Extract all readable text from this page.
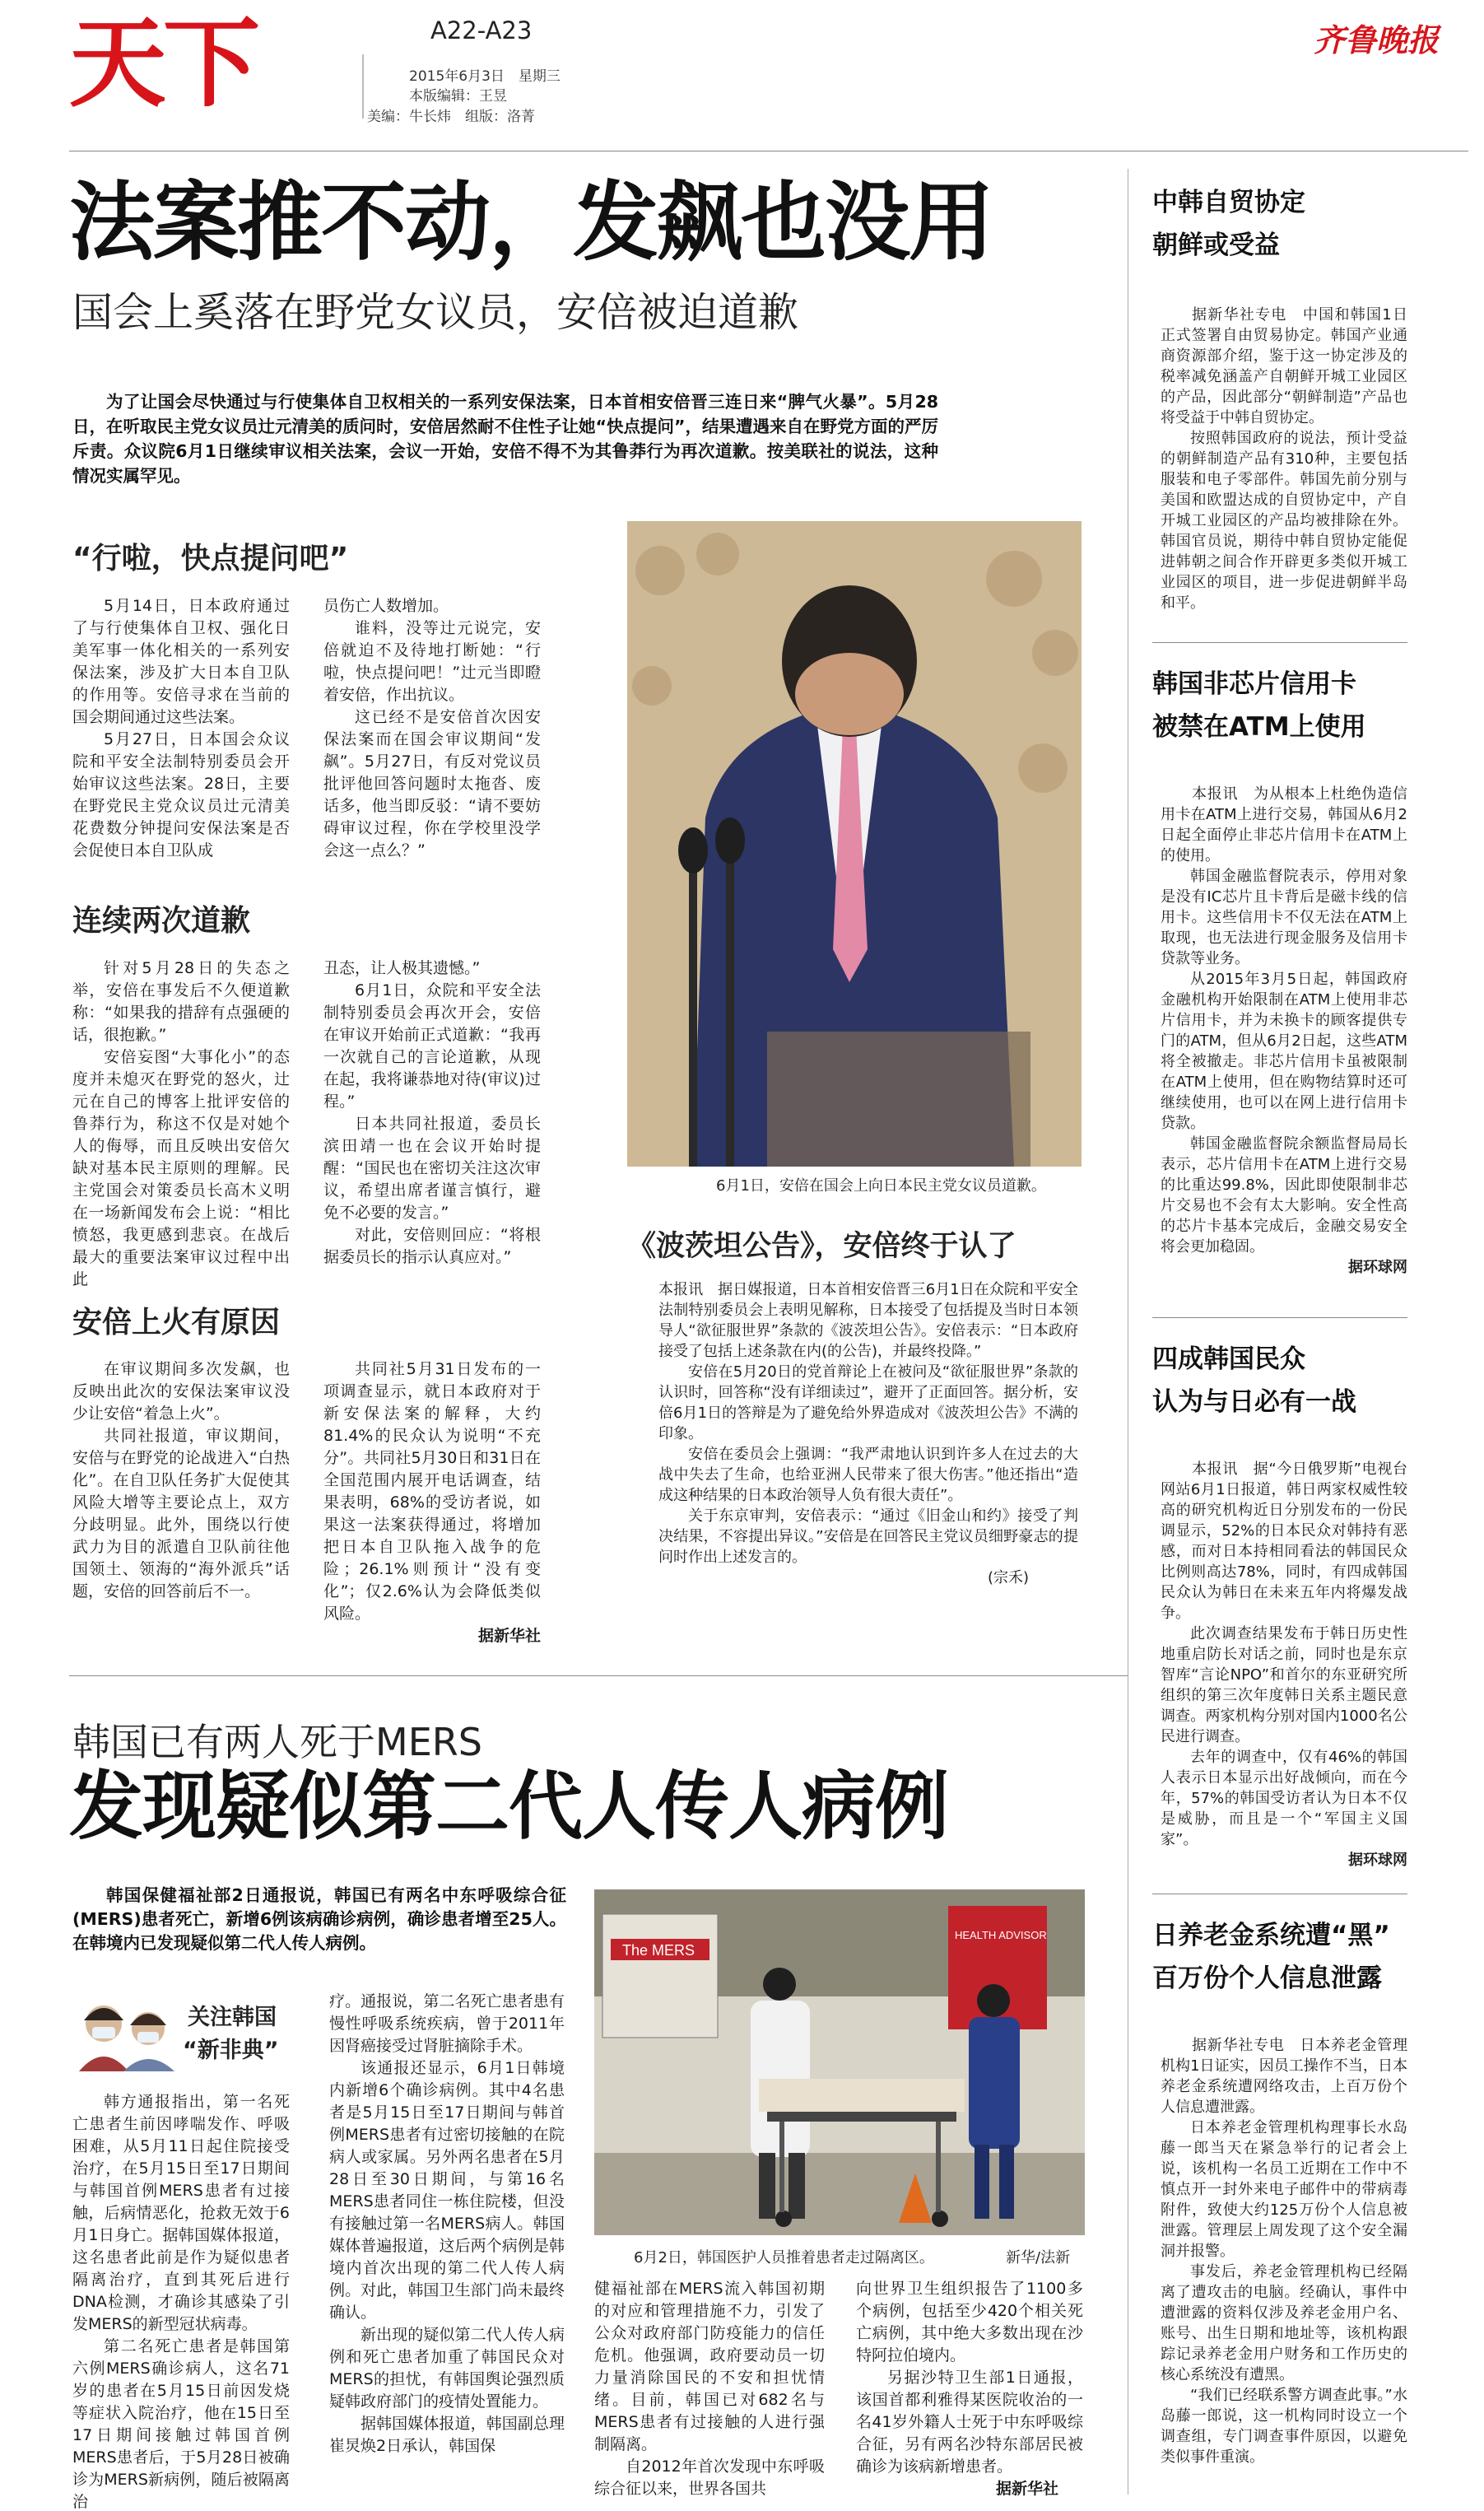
天下	A22-A23
2015年6月3日　星期三
本版编辑：王昱
美编：牛长炜　组版：洛菁
齐鲁晚报
法案推不动，发飙也没用
国会上奚落在野党女议员，安倍被迫道歉
为了让国会尽快通过与行使集体自卫权相关的一系列安保法案，日本首相安倍晋三连日来“脾气火暴”。5月28日，在听取民主党女议员辻元清美的质问时，安倍居然耐不住性子让她“快点提问”，结果遭遇来自在野党方面的严厉斥责。众议院6月1日继续审议相关法案，会议一开始，安倍不得不为其鲁莽行为再次道歉。按美联社的说法，这种情况实属罕见。
“行啦，快点提问吧”

5月14日，日本政府通过了与行使集体自卫权、强化日美军事一体化相关的一系列安保法案，涉及扩大日本自卫队的作用等。安倍寻求在当前的国会期间通过这些法案。

5月27日，日本国会众议院和平安全法制特别委员会开始审议这些法案。28日，主要在野党民主党众议员辻元清美花费数分钟提问安保法案是否会促使日本自卫队成

员伤亡人数增加。

谁料，没等辻元说完，安倍就迫不及待地打断她：“行啦，快点提问吧！”辻元当即瞪着安倍，作出抗议。

这已经不是安倍首次因安保法案而在国会审议期间“发飙”。5月27日，有反对党议员批评他回答问题时太拖沓、废话多，他当即反驳：“请不要妨碍审议过程，你在学校里没学会这一点么？”

连续两次道歉

针对5月28日的失态之举，安倍在事发后不久便道歉称：“如果我的措辞有点强硬的话，很抱歉。”

安倍妄图“大事化小”的态度并未熄灭在野党的怒火，辻元在自己的博客上批评安倍的鲁莽行为，称这不仅是对她个人的侮辱，而且反映出安倍欠缺对基本民主原则的理解。民主党国会对策委员长高木义明在一场新闻发布会上说：“相比愤怒，我更感到悲哀。在战后最大的重要法案审议过程中出此

丑态，让人极其遗憾。”

6月1日，众院和平安全法制特别委员会再次开会，安倍在审议开始前正式道歉：“我再一次就自己的言论道歉，从现在起，我将谦恭地对待(审议)过程。”

日本共同社报道，委员长滨田靖一也在会议开始时提醒：“国民也在密切关注这次审议，希望出席者谨言慎行，避免不必要的发言。”

对此，安倍则回应：“将根据委员长的指示认真应对。”

安倍上火有原因

在审议期间多次发飙，也反映出此次的安保法案审议没少让安倍“着急上火”。

共同社报道，审议期间，安倍与在野党的论战进入“白热化”。在自卫队任务扩大促使其风险大增等主要论点上，双方分歧明显。此外，围绕以行使武力为目的派遣自卫队前往他国领土、领海的“海外派兵”话题，安倍的回答前后不一。

共同社5月31日发布的一项调查显示，就日本政府对于新安保法案的解释，大约81.4%的民众认为说明“不充分”。共同社5月30日和31日在全国范围内展开电话调查，结果表明，68%的受访者说，如果这一法案获得通过，将增加把日本自卫队拖入战争的危险；26.1%则预计“没有变化”；仅2.6%认为会降低类似风险。

据新华社
6月1日，安倍在国会上向日本民主党女议员道歉。
《波茨坦公告》，安倍终于认了

本报讯　据日媒报道，日本首相安倍晋三6月1日在众院和平安全法制特别委员会上表明见解称，日本接受了包括提及当时日本领导人“欲征服世界”条款的《波茨坦公告》。安倍表示：“日本政府接受了包括上述条款在内(的公告)，并最终投降。”

安倍在5月20日的党首辩论上在被问及“欲征服世界”条款的认识时，回答称“没有详细读过”，避开了正面回答。据分析，安倍6月1日的答辩是为了避免给外界造成对《波茨坦公告》不满的印象。

安倍在委员会上强调：“我严肃地认识到许多人在过去的大战中失去了生命，也给亚洲人民带来了很大伤害。”他还指出“造成这种结果的日本政治领导人负有很大责任”。

关于东京审判，安倍表示：“通过《旧金山和约》接受了判决结果，不容提出异议。”安倍是在回答民主党议员细野豪志的提问时作出上述发言的。

(宗禾)
韩国已有两人死于MERS
发现疑似第二代人传人病例
韩国保健福祉部2日通报说，韩国已有两名中东呼吸综合征(MERS)患者死亡，新增6例该病确诊病例，确诊患者增至25人。在韩境内已发现疑似第二代人传人病例。
关注韩国
“新非典”

韩方通报指出，第一名死亡患者生前因哮喘发作、呼吸困难，从5月11日起住院接受治疗，在5月15日至17日期间与韩国首例MERS患者有过接触，后病情恶化，抢救无效于6月1日身亡。据韩国媒体报道，这名患者此前是作为疑似患者隔离治疗，直到其死后进行DNA检测，才确诊其感染了引发MERS的新型冠状病毒。

第二名死亡患者是韩国第六例MERS确诊病人，这名71岁的患者在5月15日前因发烧等症状入院治疗，他在15日至17日期间接触过韩国首例MERS患者后，于5月28日被确诊为MERS新病例，随后被隔离治

疗。通报说，第二名死亡患者患有慢性呼吸系统疾病，曾于2011年因肾癌接受过肾脏摘除手术。

该通报还显示，6月1日韩境内新增6个确诊病例。其中4名患者是5月15日至17日期间与韩首例MERS患者有过密切接触的在院病人或家属。另外两名患者在5月28日至30日期间，与第16名MERS患者同住一栋住院楼，但没有接触过第一名MERS病人。韩国媒体普遍报道，这后两个病例是韩境内首次出现的第二代人传人病例。对此，韩国卫生部门尚未最终确认。

新出现的疑似第二代人传人病例和死亡患者加重了韩国民众对MERS的担忧，有韩国舆论强烈质疑韩政府部门的疫情处置能力。

据韩国媒体报道，韩国副总理崔炅焕2日承认，韩国保

The MERS
HEALTH ADVISOR
6月2日，韩国医护人员推着患者走过隔离区。	新华/法新

健福祉部在MERS流入韩国初期的对应和管理措施不力，引发了公众对政府部门防疫能力的信任危机。他强调，政府要动员一切力量消除国民的不安和担忧情绪。目前，韩国已对682名与MERS患者有过接触的人进行强制隔离。

自2012年首次发现中东呼吸综合征以来，世界各国共

向世界卫生组织报告了1100多个病例，包括至少420个相关死亡病例，其中绝大多数出现在沙特阿拉伯境内。

另据沙特卫生部1日通报，该国首都利雅得某医院收治的一名41岁外籍人士死于中东呼吸综合征，另有两名沙特东部居民被确诊为该病新增患者。

据新华社
中韩自贸协定
朝鲜或受益

据新华社专电　中国和韩国1日正式签署自由贸易协定。韩国产业通商资源部介绍，鉴于这一协定涉及的税率减免涵盖产自朝鲜开城工业园区的产品，因此部分“朝鲜制造”产品也将受益于中韩自贸协定。

按照韩国政府的说法，预计受益的朝鲜制造产品有310种，主要包括服装和电子零部件。韩国先前分别与美国和欧盟达成的自贸协定中，产自开城工业园区的产品均被排除在外。韩国官员说，期待中韩自贸协定能促进韩朝之间合作开辟更多类似开城工业园区的项目，进一步促进朝鲜半岛和平。

韩国非芯片信用卡
被禁在ATM上使用

本报讯　为从根本上杜绝伪造信用卡在ATM上进行交易，韩国从6月2日起全面停止非芯片信用卡在ATM上的使用。

韩国金融监督院表示，停用对象是没有IC芯片且卡背后是磁卡线的信用卡。这些信用卡不仅无法在ATM上取现，也无法进行现金服务及信用卡贷款等业务。

从2015年3月5日起，韩国政府金融机构开始限制在ATM上使用非芯片信用卡，并为未换卡的顾客提供专门的ATM，但从6月2日起，这些ATM将全被撤走。非芯片信用卡虽被限制在ATM上使用，但在购物结算时还可继续使用，也可以在网上进行信用卡贷款。

韩国金融监督院余额监督局局长表示，芯片信用卡在ATM上进行交易的比重达99.8%，因此即使限制非芯片交易也不会有太大影响。安全性高的芯片卡基本完成后，金融交易安全将会更加稳固。

据环球网
四成韩国民众
认为与日必有一战

本报讯　据“今日俄罗斯”电视台网站6月1日报道，韩日两家权威性较高的研究机构近日分别发布的一份民调显示，52%的日本民众对韩持有恶感，而对日本持相同看法的韩国民众比例则高达78%，同时，有四成韩国民众认为韩日在未来五年内将爆发战争。

此次调查结果发布于韩日历史性地重启防长对话之前，同时也是东京智库“言论NPO”和首尔的东亚研究所组织的第三次年度韩日关系主题民意调查。两家机构分别对国内1000名公民进行调查。

去年的调查中，仅有46%的韩国人表示日本显示出好战倾向，而在今年，57%的韩国受访者认为日本不仅是威胁，而且是一个“军国主义国家”。

据环球网
日养老金系统遭“黑”
百万份个人信息泄露

据新华社专电　日本养老金管理机构1日证实，因员工操作不当，日本养老金系统遭网络攻击，上百万份个人信息遭泄露。

日本养老金管理机构理事长水岛藤一郎当天在紧急举行的记者会上说，该机构一名员工近期在工作中不慎点开一封外来电子邮件中的带病毒附件，致使大约125万份个人信息被泄露。管理层上周发现了这个安全漏洞并报警。

事发后，养老金管理机构已经隔离了遭攻击的电脑。经确认，事件中遭泄露的资料仅涉及养老金用户名、账号、出生日期和地址等，该机构跟踪记录养老金用户财务和工作历史的核心系统没有遭黑。

“我们已经联系警方调查此事。”水岛藤一郎说，这一机构同时设立一个调查组，专门调查事件原因，以避免类似事件重演。
